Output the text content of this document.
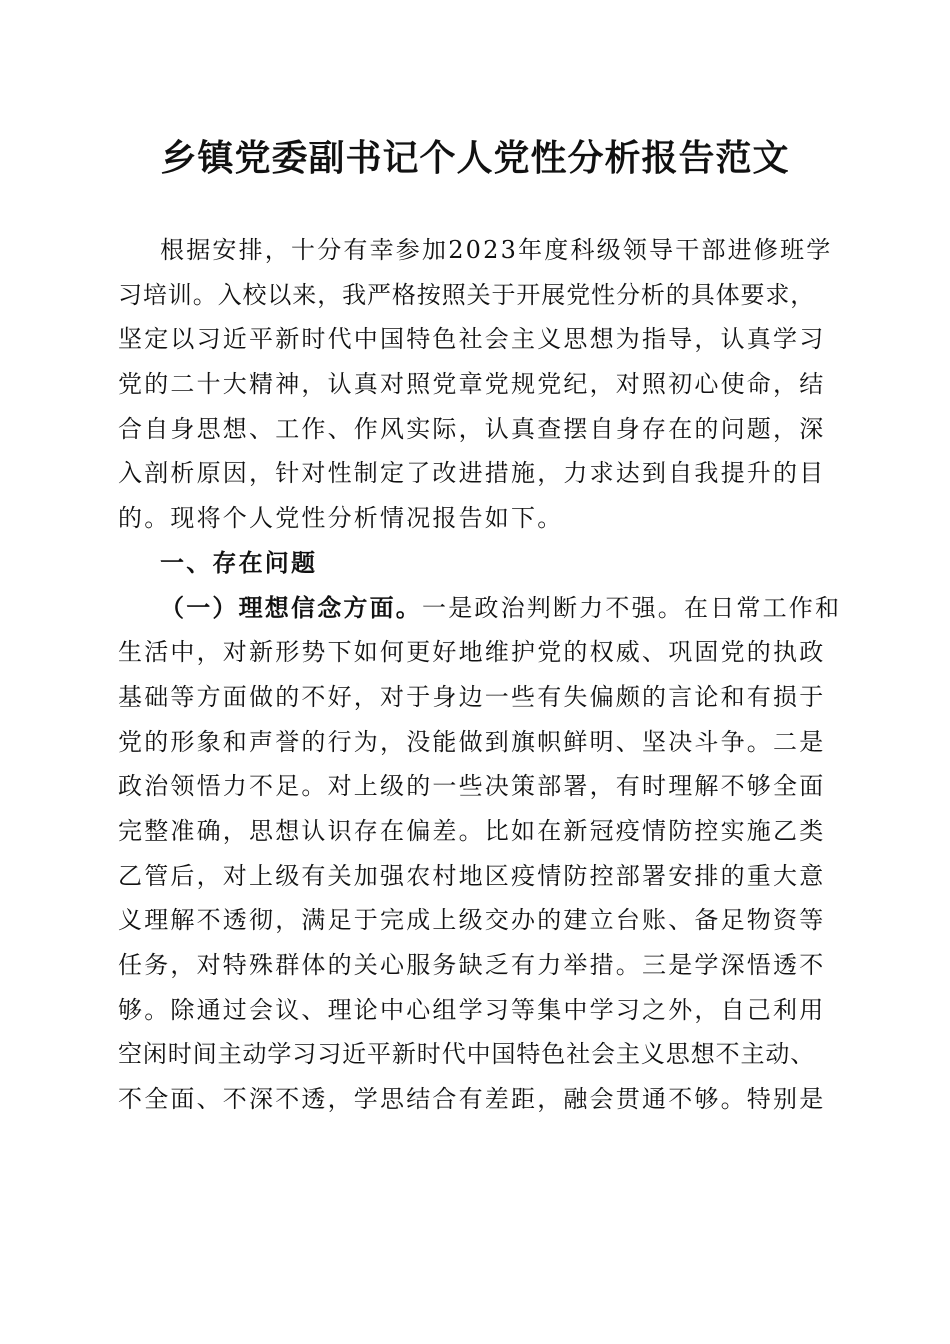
乡镇党委副书记个人党性分析报告范文
根据安排，十分有幸参加2023年度科级领导干部进修班学
习培训。入校以来，我严格按照关于开展党性分析的具体要求，
坚定以习近平新时代中国特色社会主义思想为指导，认真学习
党的二十大精神，认真对照党章党规党纪，对照初心使命，结
合自身思想、工作、作风实际，认真查摆自身存在的问题，深
入剖析原因，针对性制定了改进措施，力求达到自我提升的目
的。现将个人党性分析情况报告如下。
一、存在问题
（一）理想信念方面。一是政治判断力不强。在日常工作和
生活中，对新形势下如何更好地维护党的权威、巩固党的执政
基础等方面做的不好，对于身边一些有失偏颇的言论和有损于
党的形象和声誉的行为，没能做到旗帜鲜明、坚决斗争。二是
政治领悟力不足。对上级的一些决策部署，有时理解不够全面
完整准确，思想认识存在偏差。比如在新冠疫情防控实施乙类
乙管后，对上级有关加强农村地区疫情防控部署安排的重大意
义理解不透彻，满足于完成上级交办的建立台账、备足物资等
任务，对特殊群体的关心服务缺乏有力举措。三是学深悟透不
够。除通过会议、理论中心组学习等集中学习之外，自己利用
空闲时间主动学习习近平新时代中国特色社会主义思想不主动、
不全面、不深不透，学思结合有差距，融会贯通不够。特别是
